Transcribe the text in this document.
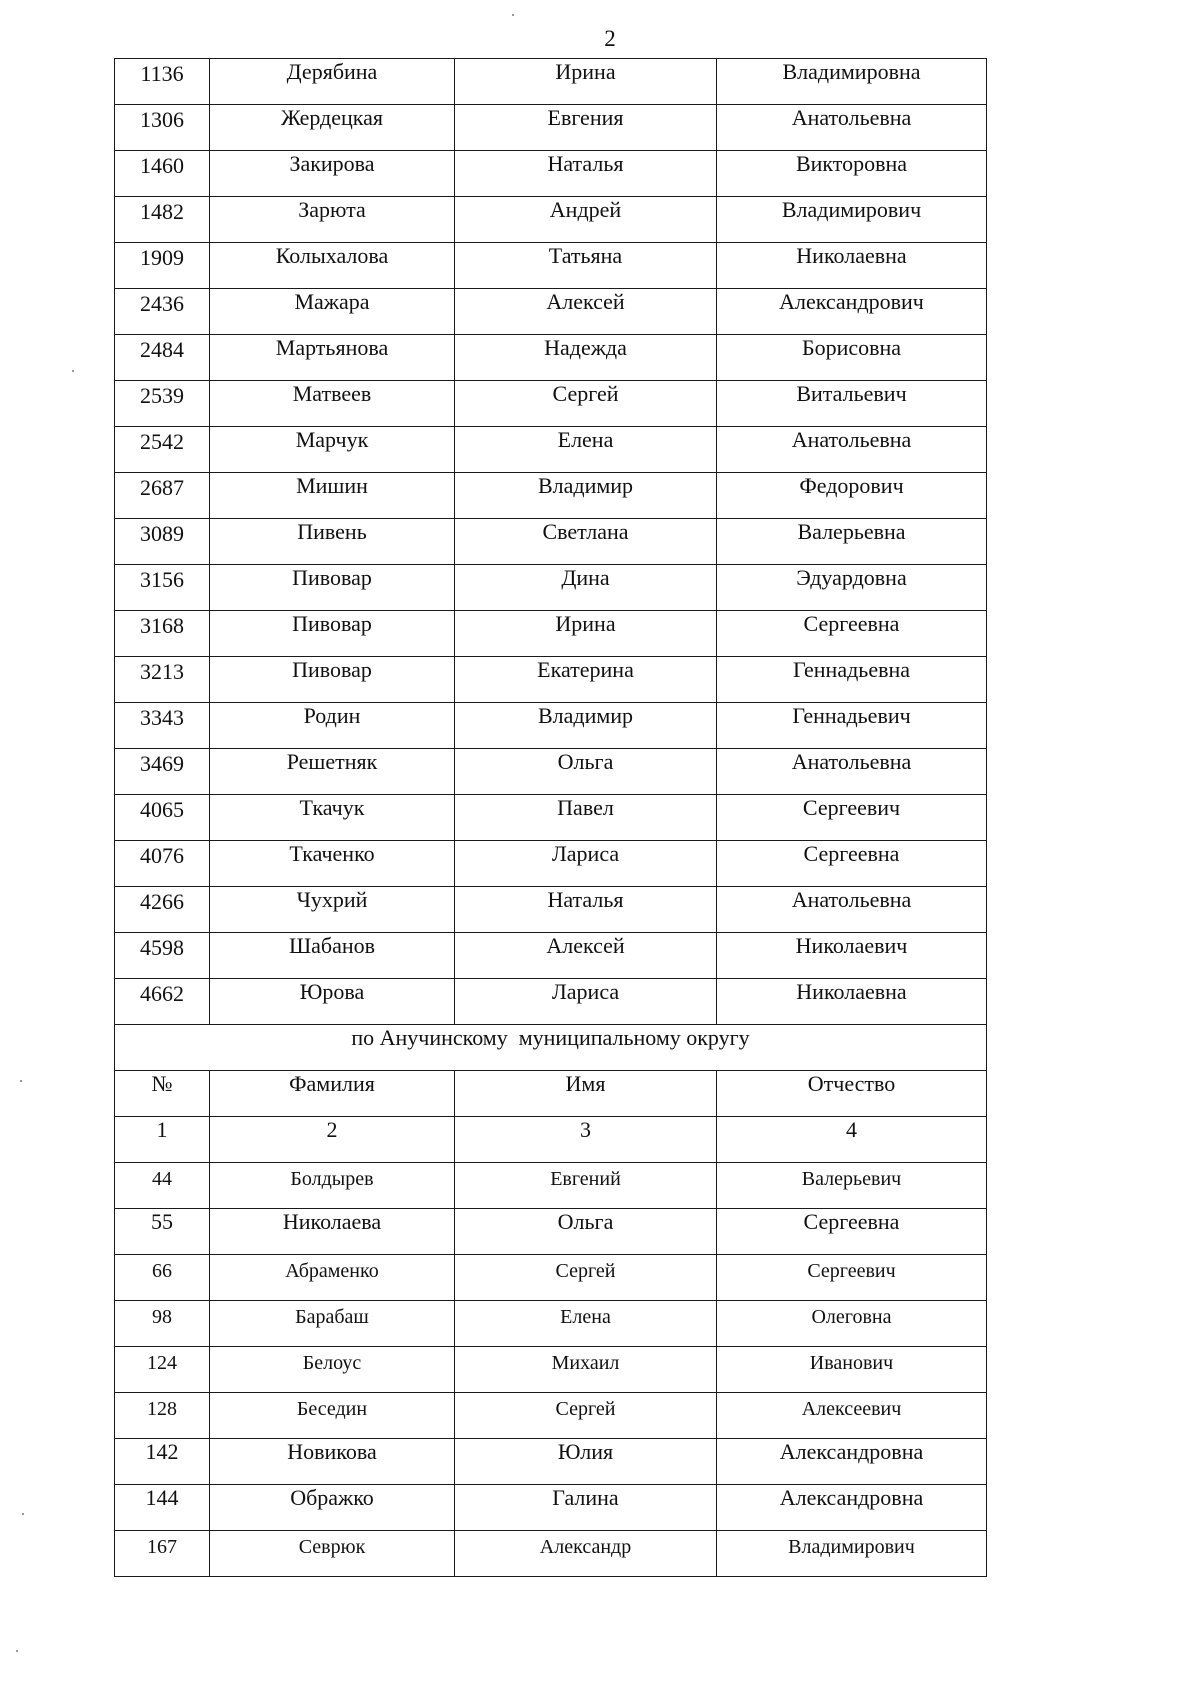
2
1136	Дерябина	Ирина	Владимировна
1306	Жердецкая	Евгения	Анатольевна
1460	Закирова	Наталья	Викторовна
1482	Зарюта	Андрей	Владимирович
1909	Колыхалова	Татьяна	Николаевна
2436	Мажара	Алексей	Александрович
2484	Мартьянова	Надежда	Борисовна
2539	Матвеев	Сергей	Витальевич
2542	Марчук	Елена	Анатольевна
2687	Мишин	Владимир	Федорович
3089	Пивень	Светлана	Валерьевна
3156	Пивовар	Дина	Эдуардовна
3168	Пивовар	Ирина	Сергеевна
3213	Пивовар	Екатерина	Геннадьевна
3343	Родин	Владимир	Геннадьевич
3469	Решетняк	Ольга	Анатольевна
4065	Ткачук	Павел	Сергеевич
4076	Ткаченко	Лариса	Сергеевна
4266	Чухрий	Наталья	Анатольевна
4598	Шабанов	Алексей	Николаевич
4662	Юрова	Лариса	Николаевна
по Анучинскому  муниципальному округу			
№	Фамилия	Имя	Отчество
1	2	3	4
44	Болдырев	Евгений	Валерьевич
55	Николаева	Ольга	Сергеевна
66	Абраменко	Сергей	Сергеевич
98	Барабаш	Елена	Олеговна
124	Белоус	Михаил	Иванович
128	Беседин	Сергей	Алексеевич
142	Новикова	Юлия	Александровна
144	Ображко	Галина	Александровна
167	Севрюк	Александр	Владимирович
